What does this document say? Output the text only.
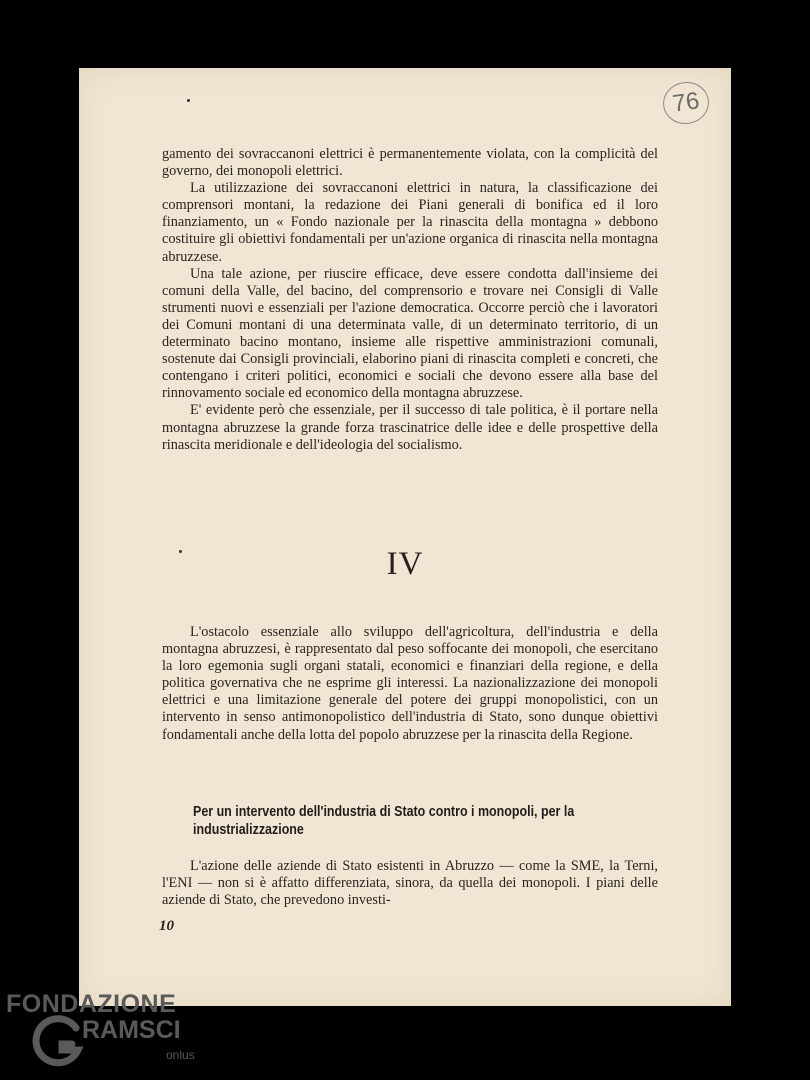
76

gamento dei sovraccanoni elettrici è permanentemente violata, con la complicità del governo, dei monopoli elettrici.

La utilizzazione dei sovraccanoni elettrici in natura, la classificazione dei comprensori montani, la redazione dei Piani generali di bonifica ed il loro finanziamento, un « Fondo nazionale per la rinascita della montagna » debbono costituire gli obiettivi fondamentali per un'azione organica di rinascita nella montagna abruzzese.

Una tale azione, per riuscire efficace, deve essere condotta dall'insieme dei comuni della Valle, del bacino, del comprensorio e trovare nei Consigli di Valle strumenti nuovi e essenziali per l'azione democratica. Occorre perciò che i lavoratori dei Comuni montani di una determinata valle, di un determinato territorio, di un determinato bacino montano, insieme alle rispettive amministrazioni comunali, sostenute dai Consigli provinciali, elaborino piani di rinascita completi e concreti, che contengano i criteri politici, economici e sociali che devono essere alla base del rinnovamento sociale ed economico della montagna abruzzese.

E' evidente però che essenziale, per il successo di tale politica, è il portare nella montagna abruzzese la grande forza trascinatrice delle idee e delle prospettive della rinascita meridionale e dell'ideologia del socialismo.

IV

L'ostacolo essenziale allo sviluppo dell'agricoltura, dell'industria e della montagna abruzzesi, è rappresentato dal peso soffocante dei monopoli, che esercitano la loro egemonia sugli organi statali, economici e finanziari della regione, e della politica governativa che ne esprime gli interessi. La nazionalizzazione dei monopoli elettrici e una limitazione generale del potere dei gruppi monopolistici, con un intervento in senso antimonopolistico dell'industria di Stato, sono dunque obiettivi fondamentali anche della lotta del popolo abruzzese per la rinascita della Regione.

Per un intervento dell'industria di Stato contro i monopoli, per la industrializzazione

L'azione delle aziende di Stato esistenti in Abruzzo — come la SME, la Terni, l'ENI — non si è affatto differenziata, sinora, da quella dei monopoli. I piani delle aziende di Stato, che prevedono investi-

10
FONDAZIONE
RAMSCI
onlus
